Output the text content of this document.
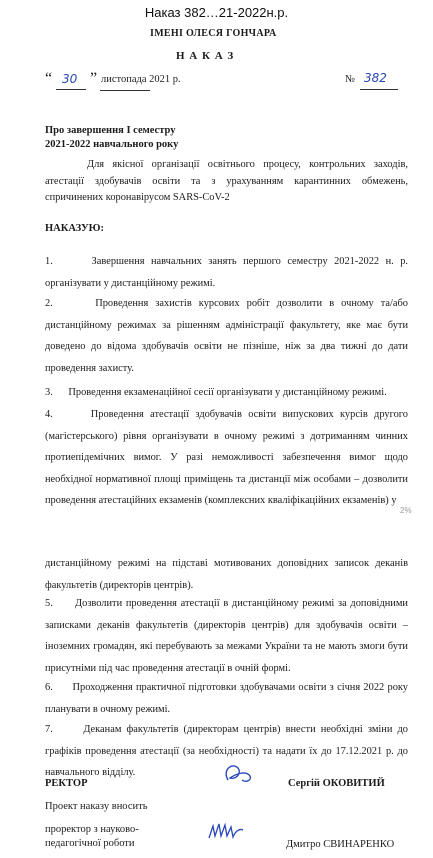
Наказ 382…21-2022н.р.
ІМЕНІ ОЛЕСЯ ГОНЧАРА
Н А К А З
“ 30 ” листопада 2021 р.	№ 382
Про завершення І семестру
2021-2022 навчального року
Для якісної організації освітнього процесу, контрольних заходів, атестації здобувачів освіти та з урахуванням карантинних обмежень, спричинених коронавірусом SARS-CoV-2
НАКАЗУЮ:
1.	Завершення навчальних занять першого семестру 2021-2022 н. р. організувати у дистанційному режимі.
2.	Проведення захистів курсових робіт дозволити в очному та/або дистанційному режимах за рішенням адміністрації факультету, яке має бути доведено до відома здобувачів освіти не пізніше, ніж за два тижні до дати проведення захисту.
3. Проведення екзаменаційної сесії організувати у дистанційному режимі.
4.	Проведення атестації здобувачів освіти випускових курсів другого (магістерського) рівня організувати в очному режимі з дотриманням чинних протиепідемічних вимог. У разі неможливості забезпечення вимог щодо необхідної нормативної площі приміщень та дистанції між особами – дозволити проведення атестаційних екзаменів (комплексних кваліфікаційних екзаменів) у
2%
дистанційному режимі на підставі мотивованих доповідних записок деканів факультетів (директорів центрів).
5. Дозволити проведення атестації в дистанційному режимі за доповідними записками деканів факультетів (директорів центрів) для здобувачів освіти – іноземних громадян, які перебувають за межами України та не мають змоги бути присутніми під час проведення атестації в очній формі.
6. Проходження практичної підготовки здобувачами освіти з січня 2022 року планувати в очному режимі.
7.	Деканам факультетів (директорам центрів) внести необхідні зміни до графіків проведення атестації (за необхідності) та надати їх до 17.12.2021 р. до навчального відділу.
РЕКТОР	Сергій ОКОВИТИЙ
Проект наказу вносить
проректор з науково-
педагогічної роботи	Дмитро СВИНАРЕНКО
